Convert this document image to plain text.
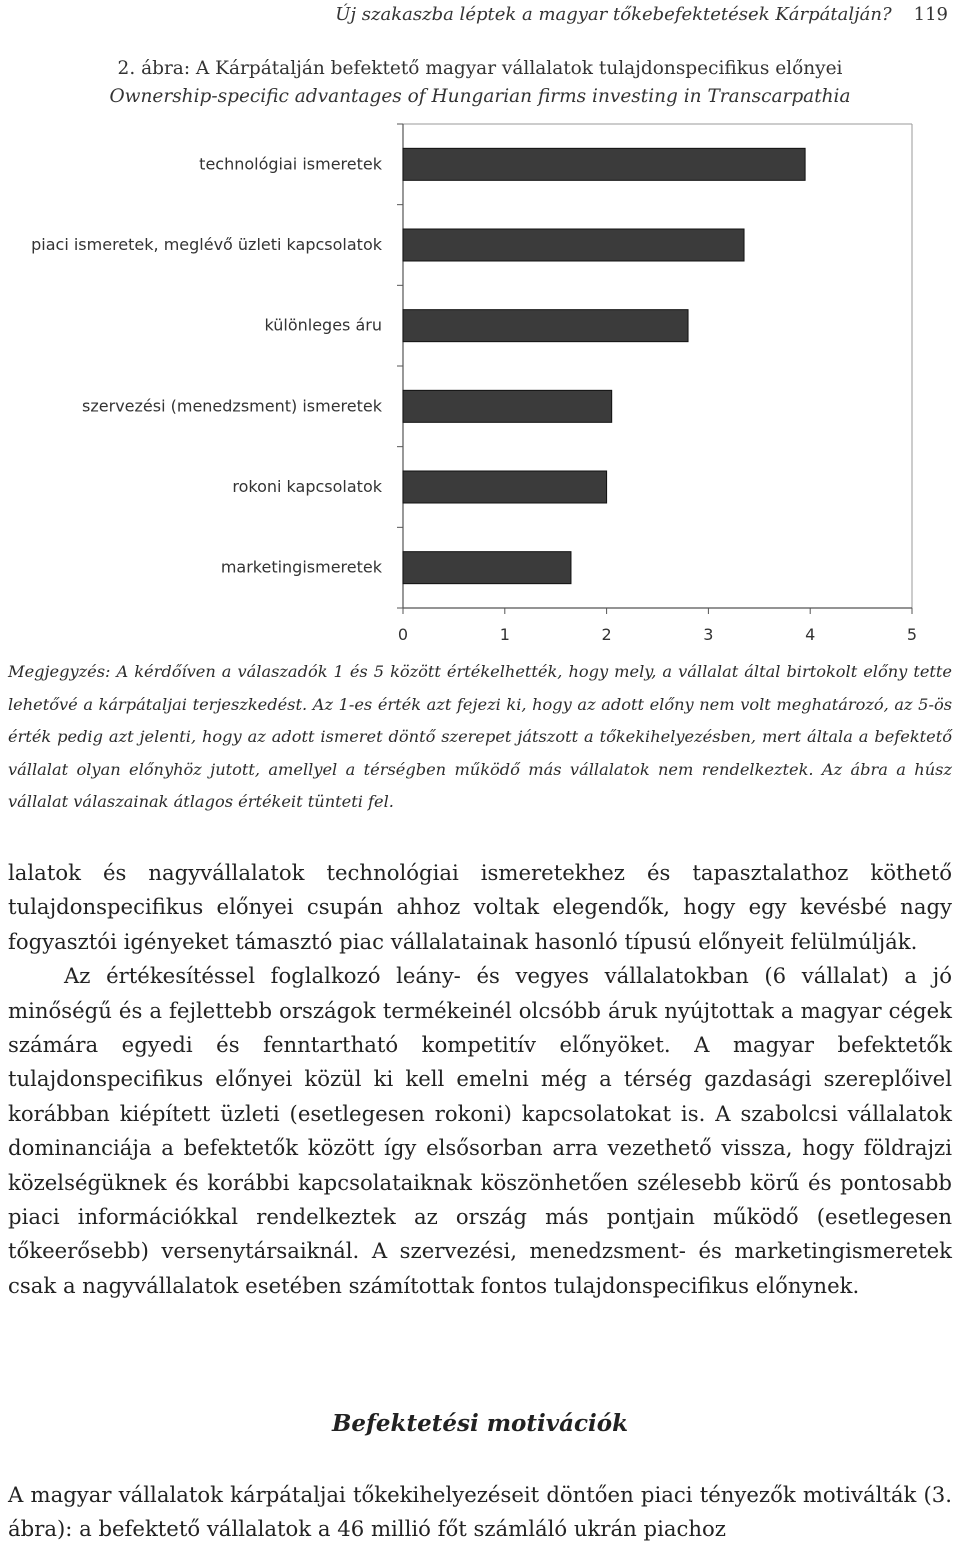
Új szakaszba léptek a magyar tőkebefektetések Kárpátalján? 119
2. ábra: A Kárpátalján befektető magyar vállalatok tulajdonspecifikus előnyei
Ownership-specific advantages of Hungarian firms investing in Transcarpathia
technológiai ismeretek
piaci ismeretek, meglévő üzleti kapcsolatok
különleges áru
szervezési (menedzsment) ismeretek
rokoni kapcsolatok
marketingismeretek
0	1	2	3	4	5
Megjegyzés: A kérdőíven a válaszadók 1 és 5 között értékelhették, hogy mely, a vállalat által birtokolt előny tette lehetővé a kárpátaljai terjeszkedést. Az 1-es érték azt fejezi ki, hogy az adott előny nem volt meghatározó, az 5-ös érték pedig azt jelenti, hogy az adott ismeret döntő szerepet játszott a tőkekihelyezésben, mert általa a befektető vállalat olyan előnyhöz jutott, amellyel a térségben működő más vállalatok nem rendelkeztek. Az ábra a húsz vállalat válaszainak átlagos értékeit tünteti fel.

lalatok és nagyvállalatok technológiai ismeretekhez és tapasztalathoz köthető tulajdonspecifikus előnyei csupán ahhoz voltak elegendők, hogy egy kevésbé nagy fogyasztói igényeket támasztó piac vállalatainak hasonló típusú előnyeit felülmúlják.

Az értékesítéssel foglalkozó leány- és vegyes vállalatokban (6 vállalat) a jó minőségű és a fejlettebb országok termékeinél olcsóbb áruk nyújtottak a magyar cégek számára egyedi és fenntartható kompetitív előnyöket. A magyar befektetők tulajdonspecifikus előnyei közül ki kell emelni még a térség gazdasági szereplőivel korábban kiépített üzleti (esetlegesen rokoni) kapcsolatokat is. A szabolcsi vállalatok dominanciája a befektetők között így elsősorban arra vezethető vissza, hogy földrajzi közelségüknek és korábbi kapcsolataiknak köszönhetően szélesebb körű és pontosabb piaci információkkal rendelkeztek az ország más pontjain működő (esetlegesen tőkeerősebb) versenytársaiknál. A szervezési, menedzsment- és marketingismeretek csak a nagyvállalatok esetében számítottak fontos tulajdonspecifikus előnynek.

Befektetési motivációk

A magyar vállalatok kárpátaljai tőkekihelyezéseit döntően piaci tényezők motiválták (3. ábra): a befektető vállalatok a 46 millió főt számláló ukrán piachoz
